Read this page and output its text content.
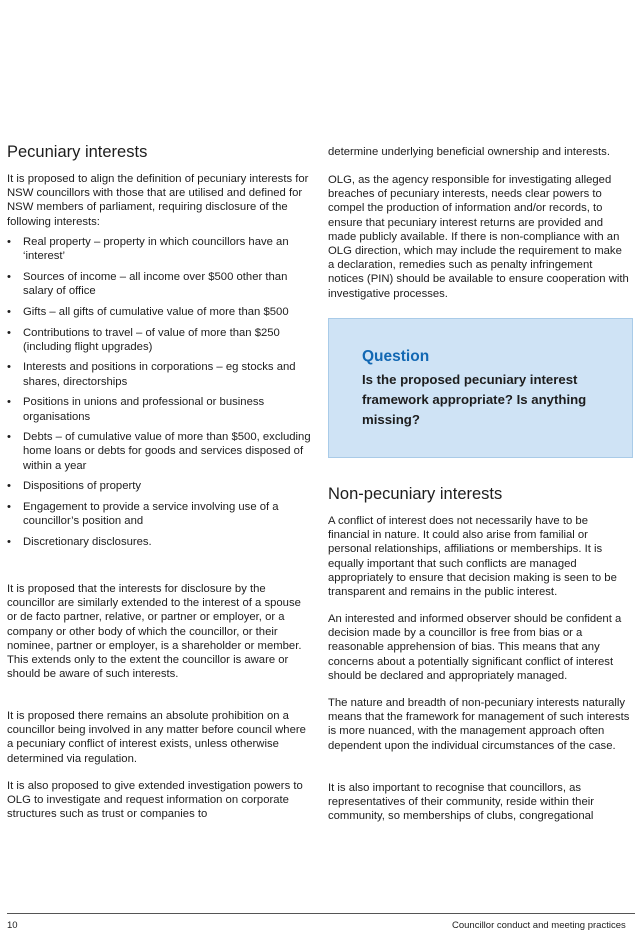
Pecuniary interests

It is proposed to align the definition of pecuniary interests for NSW councillors with those that are utilised and defined for NSW members of parliament, requiring disclosure of the following interests:

• Real property – property in which councillors have an ‘interest’
• Sources of income – all income over $500 other than salary of office
• Gifts – all gifts of cumulative value of more than $500
• Contributions to travel – of value of more than $250 (including flight upgrades)
• Interests and positions in corporations – eg stocks and shares, directorships
• Positions in unions and professional or business organisations
• Debts – of cumulative value of more than $500, excluding home loans or debts for goods and services disposed of within a year
• Dispositions of property
• Engagement to provide a service involving use of a councillor’s position and
• Discretionary disclosures.

It is proposed that the interests for disclosure by the councillor are similarly extended to the interest of a spouse or de facto partner, relative, or partner or employer, or a company or other body of which the councillor, or their nominee, partner or employer, is a shareholder or member. This extends only to the extent the councillor is aware or should be aware of such interests.

It is proposed there remains an absolute prohibition on a councillor being involved in any matter before council where a pecuniary conflict of interest exists, unless otherwise determined via regulation.

It is also proposed to give extended investigation powers to OLG to investigate and request information on corporate structures such as trust or companies to

determine underlying beneficial ownership and interests.

OLG, as the agency responsible for investigating alleged breaches of pecuniary interests, needs clear powers to compel the production of information and/or records, to ensure that pecuniary interest returns are provided and made publicly available. If there is non-compliance with an OLG direction, which may include the requirement to make a declaration, remedies such as penalty infringement notices (PIN) should be available to ensure cooperation with investigative processes.

Non-pecuniary interests

A conflict of interest does not necessarily have to be financial in nature. It could also arise from familial or personal relationships, affiliations or memberships. It is equally important that such conflicts are managed appropriately to ensure that decision making is seen to be transparent and remains in the public interest.

An interested and informed observer should be confident a decision made by a councillor is free from bias or a reasonable apprehension of bias. This means that any concerns about a potentially significant conflict of interest should be declared and appropriately managed.

The nature and breadth of non-pecuniary interests naturally means that the framework for management of such interests is more nuanced, with the management approach often dependent upon the individual circumstances of the case.

It is also important to recognise that councillors, as representatives of their community, reside within their community, so memberships of clubs, congregational

Question
Is the proposed pecuniary interest framework appropriate? Is anything missing?
10	Councillor conduct and meeting practices
